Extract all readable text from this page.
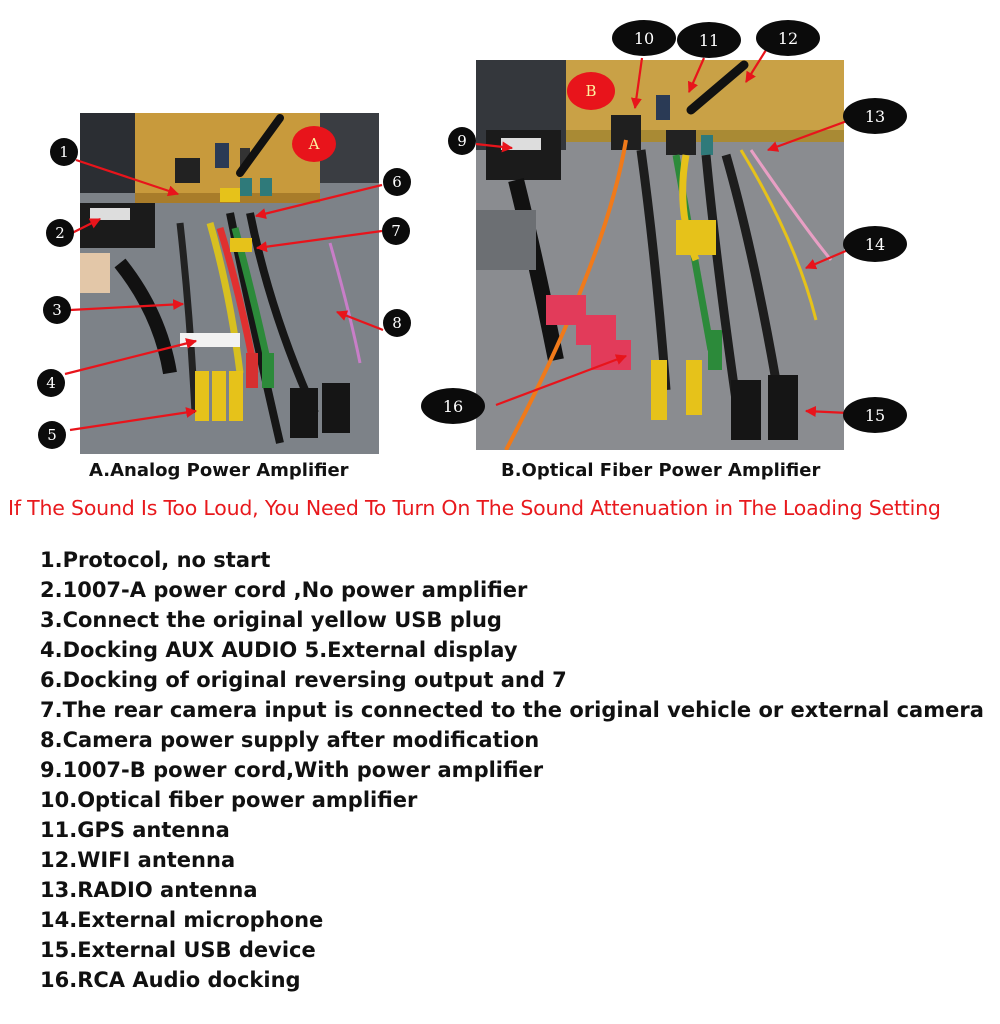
A
B
1
2
3
4
5
6
7
8
9
10	11	12
13
14
15
16
A.Analog Power Amplifier	B.Optical Fiber Power Amplifier
If The Sound Is Too Loud, You Need To Turn On The Sound Attenuation in The Loading Setting
1.Protocol, no start
2.1007-A power cord ,No power amplifier
3.Connect the original yellow USB plug
4.Docking AUX AUDIO 5.External display
6.Docking of original reversing output and 7
7.The rear camera input is connected to the original vehicle or external camera
8.Camera power supply after modification
9.1007-B power cord,With power amplifier
10.Optical fiber power amplifier
11.GPS antenna
12.WIFI antenna
13.RADIO antenna
14.External microphone
15.External USB device
16.RCA Audio docking
